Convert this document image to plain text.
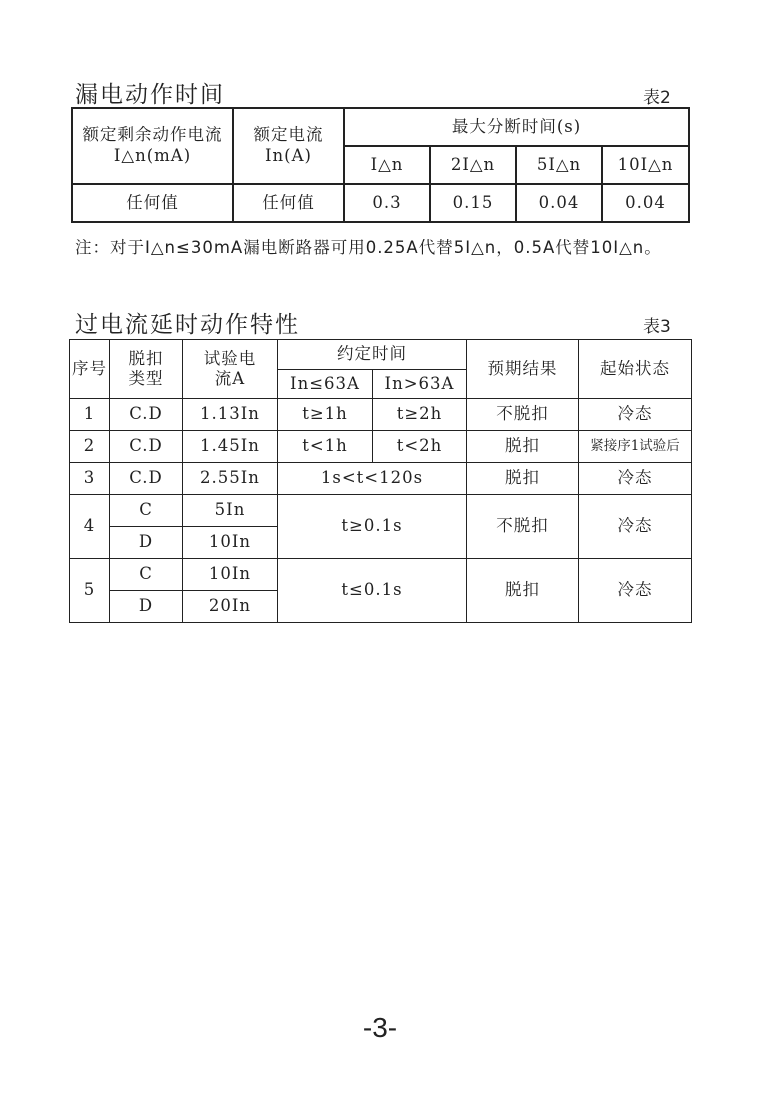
漏电动作时间	表2
额定剩余动作电流I△n(mA)	额定电流In(A)	最大分断时间(s)			
		I△n	2I△n	5I△n	10I△n
任何值	任何值	0.3	0.15	0.04	0.04
注：对于I△n≤30mA漏电断路器可用0.25A代替5I△n，0.5A代替10I△n。
过电流延时动作特性	表3
序号	脱扣类型	试验电流A	约定时间		预期结果	起始状态
			In≤63A	In>63A		
1	C.D	1.13In	t≥1h	t≥2h	不脱扣	冷态
2	C.D	1.45In	t<1h	t<2h	脱扣	紧接序1试验后
3	C.D	2.55In	1s<t<120s		脱扣	冷态
4	C	5In	t≥0.1s		不脱扣	冷态
	D	10In				
5	C	10In	t≤0.1s		脱扣	冷态
	D	20In				
-3-
